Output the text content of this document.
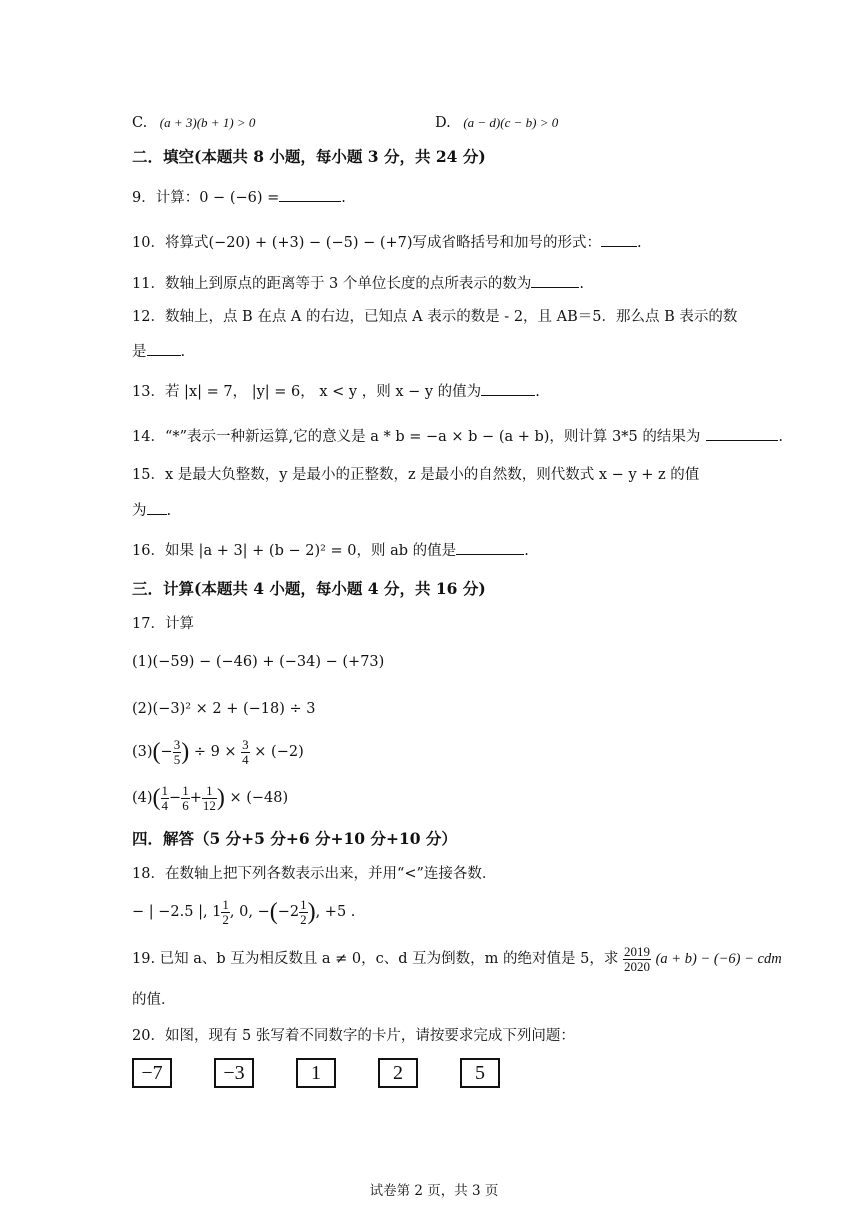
C. (a + 3)(b + 1) > 0	D. (a − d)(c − b) > 0
二．填空(本题共 8 小题，每小题 3 分，共 24 分)
9．计算：0 − (−6) =	.
10．将算式(−20) + (+3) − (−5) − (+7)写成省略括号和加号的形式： .
11．数轴上到原点的距离等于 3 个单位长度的点所表示的数为	.
12．数轴上，点 B 在点 A 的右边，已知点 A 表示的数是 - 2，且 AB＝5．那么点 B 表示的数
是 .
13．若 |x| = 7， |y| = 6， x < y ，则 x − y 的值为	.
14．“*”表示一种新运算,它的意义是 a * b = −a × b − (a + b)，则计算 3*5 的结果为	.
15．x 是最大负整数，y 是最小的正整数，z 是最小的自然数，则代数式 x − y + z 的值
为 .
16．如果 |a + 3| + (b − 2)² = 0，则 ab 的值是	.
三．计算(本题共 4 小题，每小题 4 分，共 16 分)
17．计算
(1)(−59) − (−46) + (−34) − (+73)
(2)(−3)² × 2 + (−18) ÷ 3
$(3)(- \frac{3}{5}$ ) ÷ $9 \times \frac{3}{4} \times (-2)$
$(4)( \frac{1}{4} - \frac{1}{6} + \frac{1}{12}$ ) × (−48)
四．解答（5 分+5 分+6 分+10 分+10 分）
18．在数轴上把下列各数表示出来，并用“<”连接各数．
− | −2.5 |, $1 \frac{1}{2}$ , 0, $-(-2 \frac{1}{2}$ ), +5 .
19. 已知 a、b 互为相反数且 a ≠ 0，c、d 互为倒数，m 的绝对值是 5，求 $\frac{2019}{2020} (a + b) - (-6)$ − cdm
的值．
20．如图，现有 5 张写着不同数字的卡片，请按要求完成下列问题：
−7	−3	1	2	5
试卷第 2 页，共 3 页
